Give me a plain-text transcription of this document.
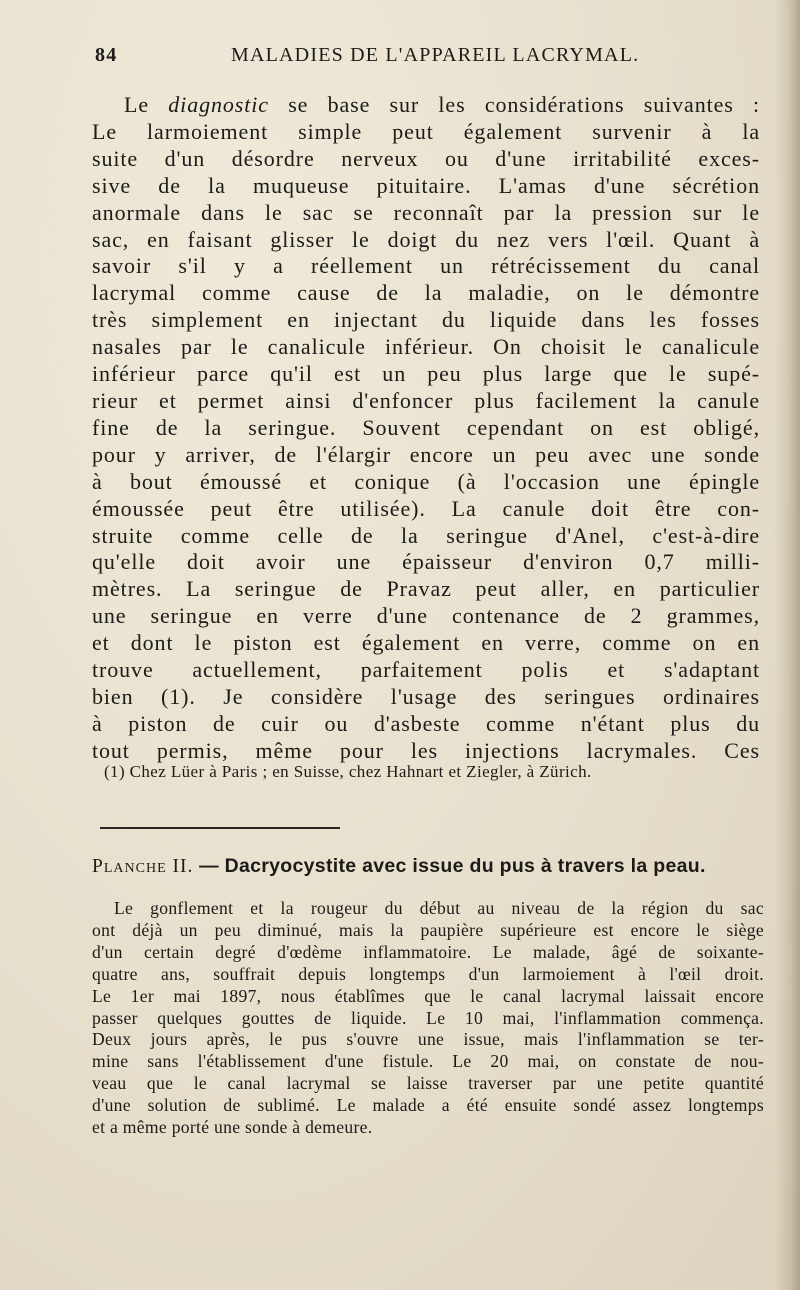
84	MALADIES DE L'APPAREIL LACRYMAL.
Le diagnostic se base sur les considérations suivantes :
Le larmoiement simple peut également survenir à la
suite d'un désordre nerveux ou d'une irritabilité exces-
sive de la muqueuse pituitaire. L'amas d'une sécrétion
anormale dans le sac se reconnaît par la pression sur le
sac, en faisant glisser le doigt du nez vers l'œil. Quant à
savoir s'il y a réellement un rétrécissement du canal
lacrymal comme cause de la maladie, on le démontre
très simplement en injectant du liquide dans les fosses
nasales par le canalicule inférieur. On choisit le canalicule
inférieur parce qu'il est un peu plus large que le supé-
rieur et permet ainsi d'enfoncer plus facilement la canule
fine de la seringue. Souvent cependant on est obligé,
pour y arriver, de l'élargir encore un peu avec une sonde
à bout émoussé et conique (à l'occasion une épingle
émoussée peut être utilisée). La canule doit être con-
struite comme celle de la seringue d'Anel, c'est-à-dire
qu'elle doit avoir une épaisseur d'environ 0,7 milli-
mètres. La seringue de Pravaz peut aller, en particulier
une seringue en verre d'une contenance de 2 grammes,
et dont le piston est également en verre, comme on en
trouve actuellement, parfaitement polis et s'adaptant
bien (1). Je considère l'usage des seringues ordinaires
à piston de cuir ou d'asbeste comme n'étant plus du
tout permis, même pour les injections lacrymales. Ces
(1) Chez Lüer à Paris ; en Suisse, chez Hahnart et Ziegler, à Zürich.
Planche II. — Dacryocystite avec issue du pus à travers la peau.
Le gonflement et la rougeur du début au niveau de la région du sac
ont déjà un peu diminué, mais la paupière supérieure est encore le siège
d'un certain degré d'œdème inflammatoire. Le malade, âgé de soixante-
quatre ans, souffrait depuis longtemps d'un larmoiement à l'œil droit.
Le 1er mai 1897, nous établîmes que le canal lacrymal laissait encore
passer quelques gouttes de liquide. Le 10 mai, l'inflammation commença.
Deux jours après, le pus s'ouvre une issue, mais l'inflammation se ter-
mine sans l'établissement d'une fistule. Le 20 mai, on constate de nou-
veau que le canal lacrymal se laisse traverser par une petite quantité
d'une solution de sublimé. Le malade a été ensuite sondé assez longtemps
et a même porté une sonde à demeure.
